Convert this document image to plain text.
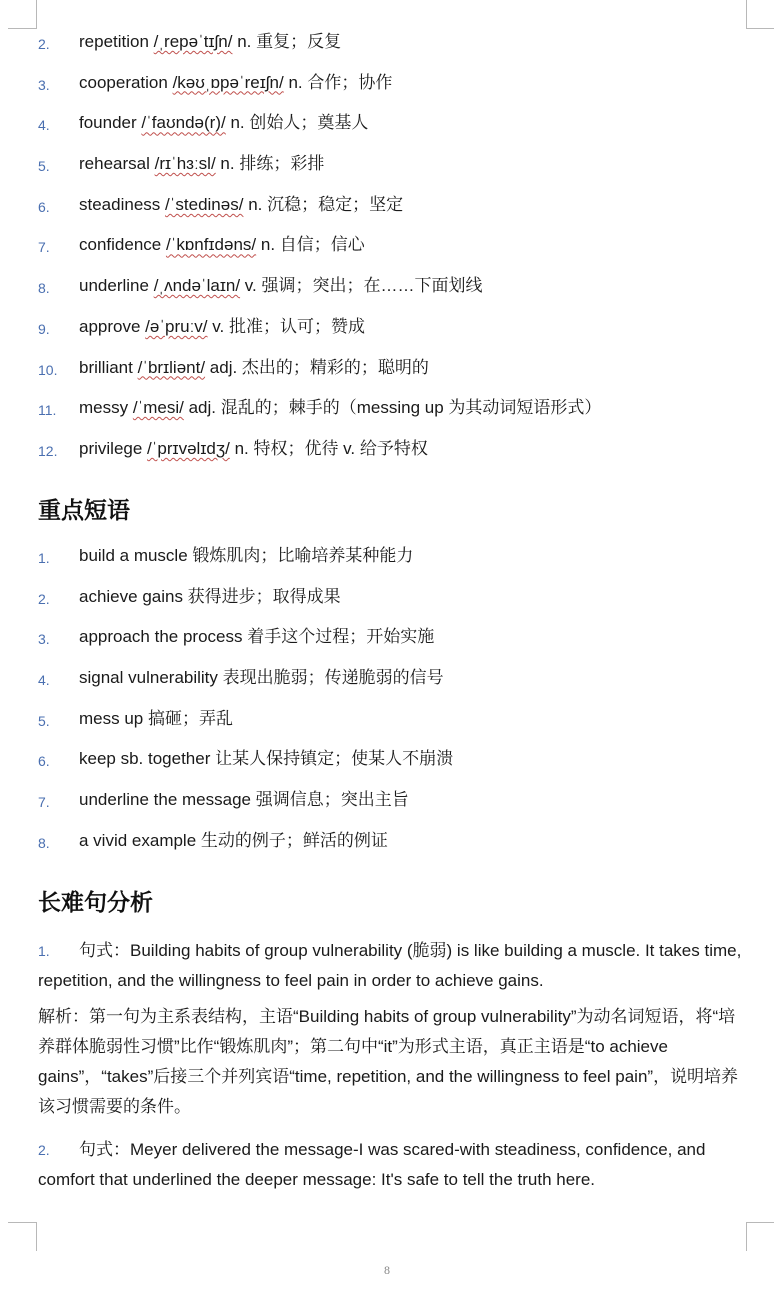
2. repetition /ˌrepəˈtɪʃn/ n. 重复；反复
3. cooperation /kəʊˌɒpəˈreɪʃn/ n. 合作；协作
4. founder /ˈfaʊndə(r)/ n. 创始人；奠基人
5. rehearsal /rɪˈhɜːsl/ n. 排练；彩排
6. steadiness /ˈstedinəs/ n. 沉稳；稳定；坚定
7. confidence /ˈkɒnfɪdəns/ n. 自信；信心
8. underline /ˌʌndəˈlaɪn/ v. 强调；突出；在……下面划线
9. approve /əˈpruːv/ v. 批准；认可；赞成
10. brilliant /ˈbrɪliənt/ adj. 杰出的；精彩的；聪明的
11. messy /ˈmesi/ adj. 混乱的；棘手的（messing up 为其动词短语形式）
12. privilege /ˈprɪvəlɪdʒ/ n. 特权；优待 v. 给予特权
重点短语
1. build a muscle 锻炼肌肉；比喻培养某种能力
2. achieve gains 获得进步；取得成果
3. approach the process 着手这个过程；开始实施
4. signal vulnerability 表现出脆弱；传递脆弱的信号
5. mess up 搞砸；弄乱
6. keep sb. together 让某人保持镇定；使某人不崩溃
7. underline the message 强调信息；突出主旨
8. a vivid example 生动的例子；鲜活的例证
长难句分析

1. 句式：Building habits of group vulnerability (脆弱) is like building a muscle. It takes time, repetition, and the willingness to feel pain in order to achieve gains.

解析：第一句为主系表结构，主语“Building habits of group vulnerability”为动名词短语，将“培养群体脆弱性习惯”比作“锻炼肌肉”；第二句中“it”为形式主语，真正主语是“to achieve gains”，“takes”后接三个并列宾语“time, repetition, and the willingness to feel pain”，说明培养该习惯需要的条件。

2. 句式：Meyer delivered the message-I was scared-with steadiness, confidence, and comfort that underlined the deeper message: It's safe to tell the truth here.

8
